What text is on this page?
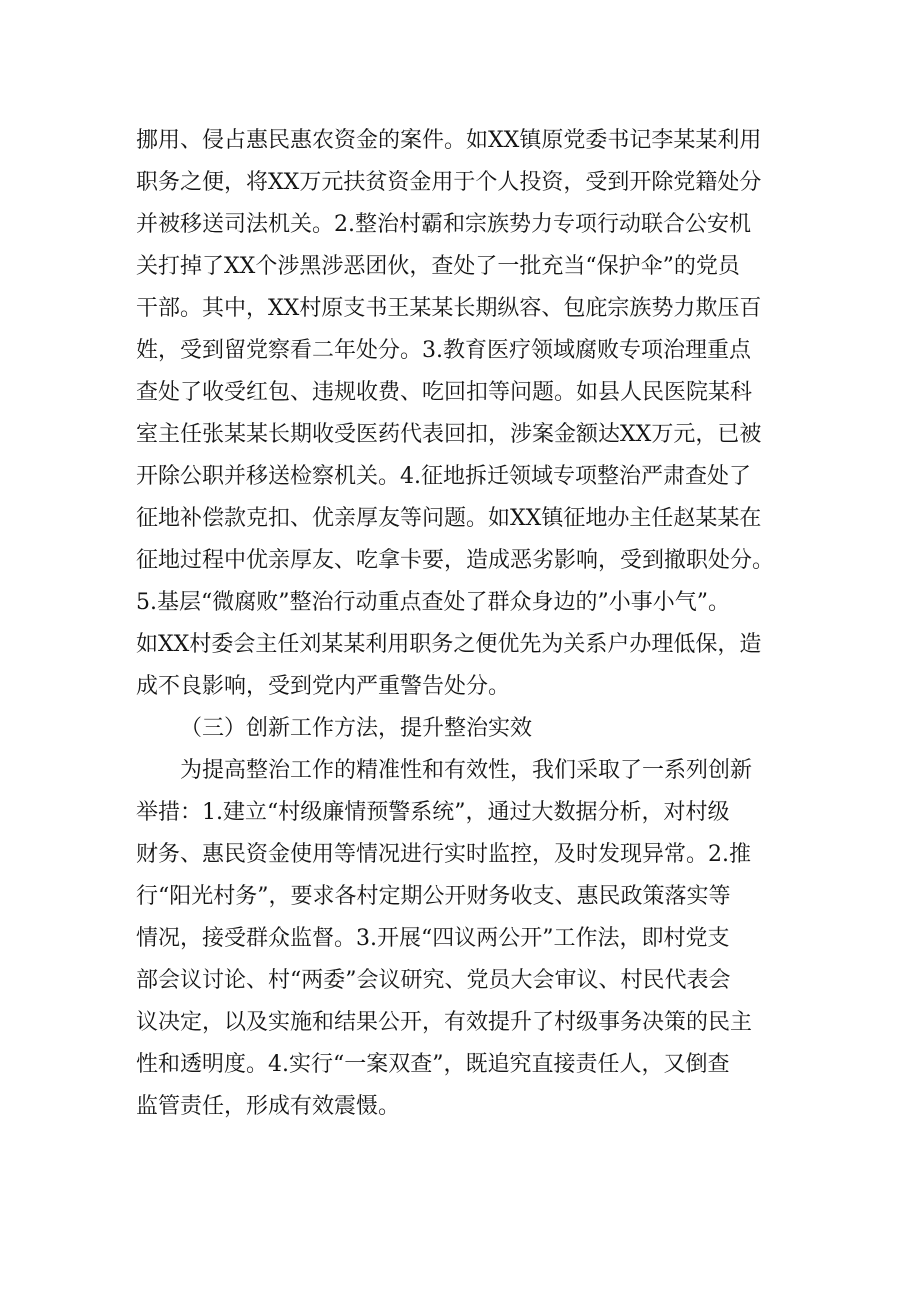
挪用、侵占惠民惠农资金的案件。如XX镇原党委书记李某某利用
职务之便，将XX万元扶贫资金用于个人投资，受到开除党籍处分
并被移送司法机关。2.整治村霸和宗族势力专项行动联合公安机
关打掉了XX个涉黑涉恶团伙，查处了一批充当“保护伞”的党员
干部。其中，XX村原支书王某某长期纵容、包庇宗族势力欺压百
姓，受到留党察看二年处分。3.教育医疗领域腐败专项治理重点
查处了收受红包、违规收费、吃回扣等问题。如县人民医院某科
室主任张某某长期收受医药代表回扣，涉案金额达XX万元，已被
开除公职并移送检察机关。4.征地拆迁领域专项整治严肃查处了
征地补偿款克扣、优亲厚友等问题。如XX镇征地办主任赵某某在
征地过程中优亲厚友、吃拿卡要，造成恶劣影响，受到撤职处分。
5.基层“微腐败”整治行动重点查处了群众身边的”小事小气”。
如XX村委会主任刘某某利用职务之便优先为关系户办理低保，造
成不良影响，受到党内严重警告处分。
（三）创新工作方法，提升整治实效
为提高整治工作的精准性和有效性，我们采取了一系列创新
举措：1.建立“村级廉情预警系统”，通过大数据分析，对村级
财务、惠民资金使用等情况进行实时监控，及时发现异常。2.推
行“阳光村务”，要求各村定期公开财务收支、惠民政策落实等
情况，接受群众监督。3.开展“四议两公开”工作法，即村党支
部会议讨论、村“两委”会议研究、党员大会审议、村民代表会
议决定，以及实施和结果公开，有效提升了村级事务决策的民主
性和透明度。4.实行“一案双查”，既追究直接责任人，又倒查
监管责任，形成有效震慑。
